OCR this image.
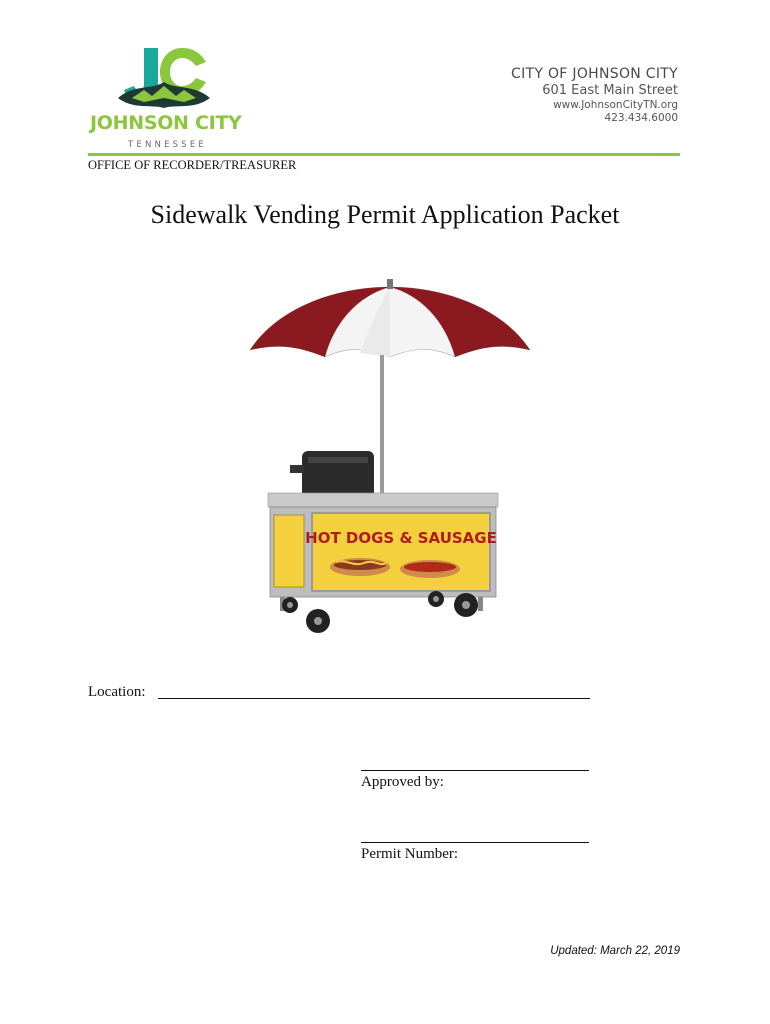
JOHNSON CITY
TENNESSEE
CITY OF JOHNSON CITY
601 East Main Street
www.JohnsonCityTN.org
423.434.6000
OFFICE OF RECORDER/TREASURER
Sidewalk Vending Permit Application Packet
HOT DOGS & SAUSAGE
Location:
Approved by:
Permit Number:
Updated: March 22, 2019
